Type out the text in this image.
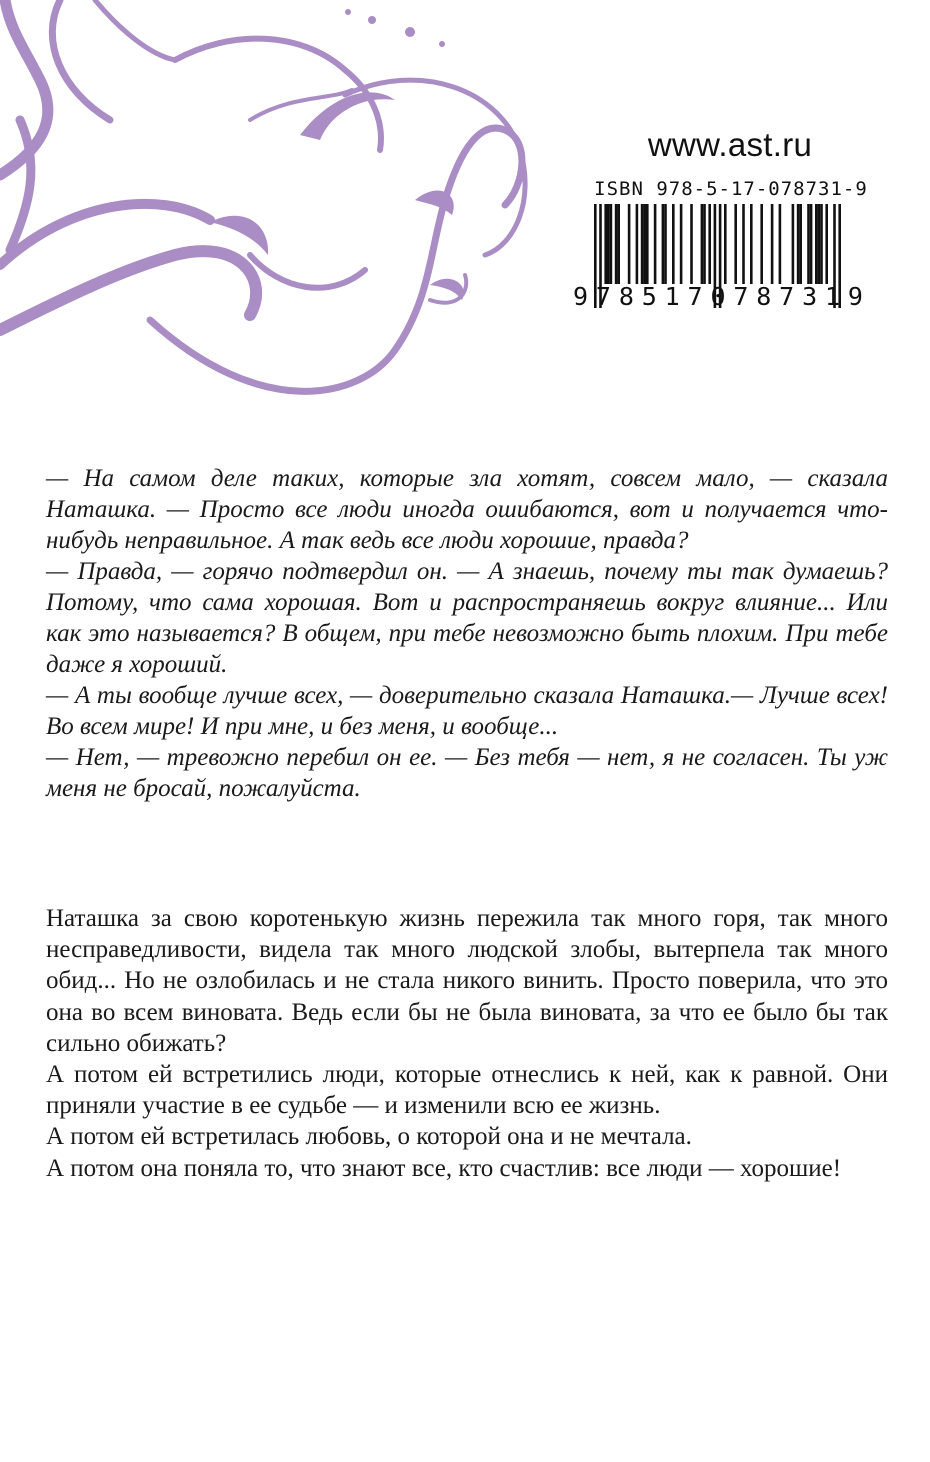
www.ast.ru
ISBN 978-5-17-078731-9
9 7 8 5 1 7 0 7 8 7 3 1 9

— На самом деле таких, которые зла хотят, совсем мало, — сказала Наташка. — Просто все люди иногда ошибаются, вот и получается что-нибудь неправильное. А так ведь все люди хорошие, правда?

— Правда, — горячо подтвердил он. — А знаешь, почему ты так думаешь? Потому, что сама хорошая. Вот и распространяешь вокруг влияние... Или как это называется? В общем, при тебе невозможно быть плохим. При тебе даже я хороший.

— А ты вообще лучше всех, — доверительно сказала Наташка.— Лучше всех! Во всем мире! И при мне, и без меня, и вообще...

— Нет, — тревожно перебил он ее. — Без тебя — нет, я не согласен. Ты уж меня не бросай, пожалуйста.

Наташка за свою коротенькую жизнь пережила так много горя, так много несправедливости, видела так много людской злобы, вытерпела так много обид... Но не озлобилась и не стала никого винить. Просто поверила, что это она во всем виновата. Ведь если бы не была виновата, за что ее было бы так сильно обижать?

А потом ей встретились люди, которые отнеслись к ней, как к равной. Они приняли участие в ее судьбе — и изменили всю ее жизнь.

А потом ей встретилась любовь, о которой она и не мечтала.

А потом она поняла то, что знают все, кто счастлив: все люди — хорошие!
